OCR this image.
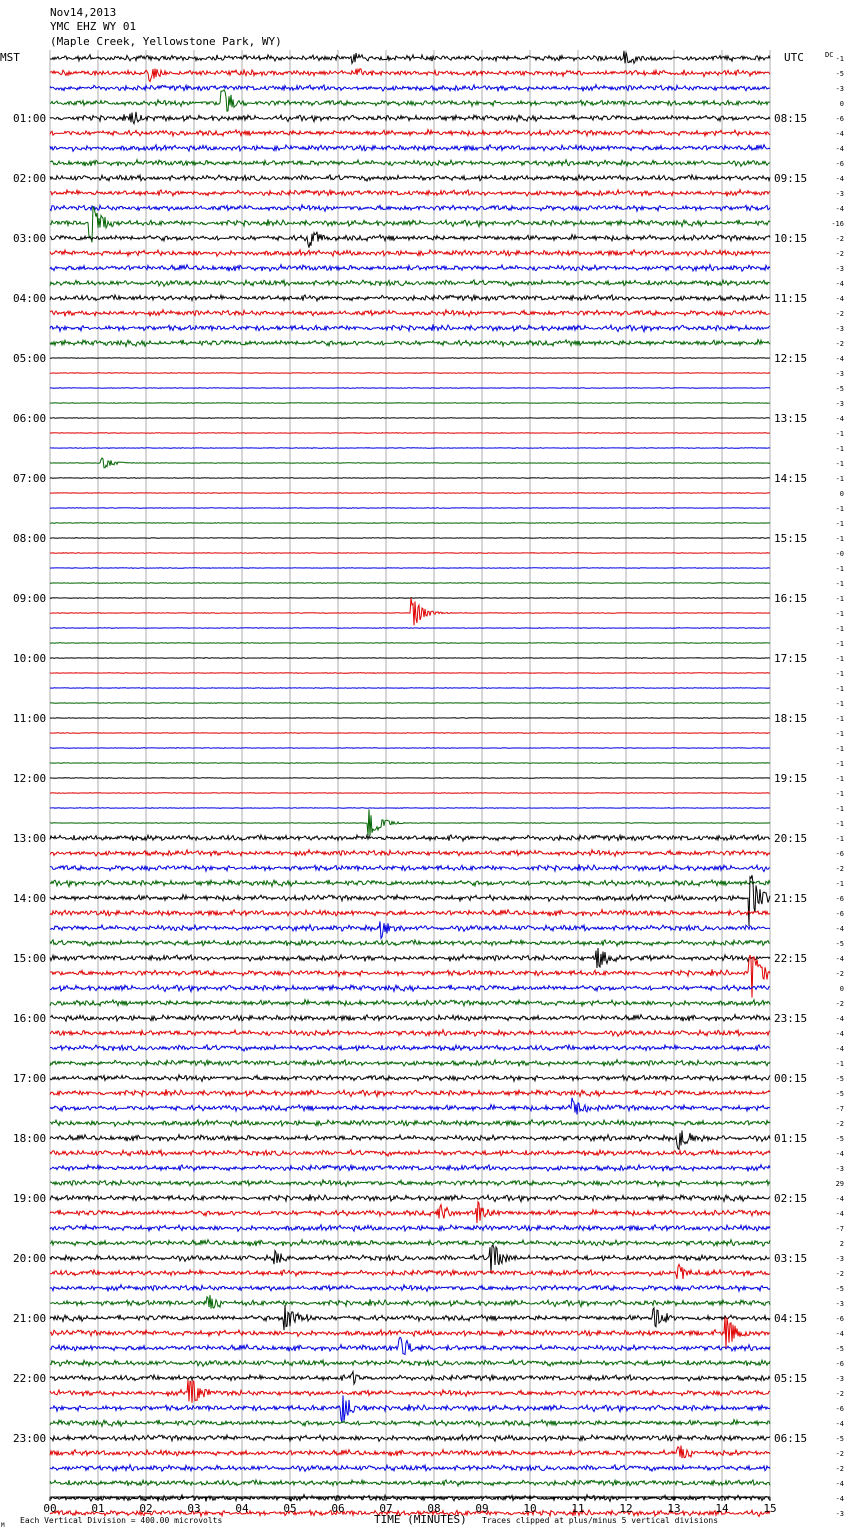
Nov14,2013
YMC EHZ WY 01
(Maple Creek, Yellowstone Park, WY)
MST	UTC	DC
01:00
02:00
03:00
04:00
05:00
06:00
07:00
08:00
09:00
10:00
11:00
12:00
13:00
14:00
15:00
16:00
17:00
18:00
19:00
20:00
21:00
22:00
23:00
08:15
09:15
10:15
11:15
12:15
13:15
14:15
15:15
16:15
17:15
18:15
19:15
20:15
21:15
22:15
23:15
00:15
01:15
02:15
03:15
04:15
05:15
06:15
-1
-5
-3
0
-6
-4
-4
-6
-4
-3
-4
-16
-2
-2
-3
-4
-4
-2
-3
-2
-4
-3
-5
-3
-4
-1
-1
-1
-1
0
-1
-1
-1
-0
-1
-1
-1
-1
-1
-1
-1
-1
-1
-1
-1
-1
-1
-1
-1
-1
-1
-1
-1
-6
-2
-1
-6
-6
-4
-5
-4
-2
0
-2
-4
-4
-4
-1
-5
-5
-7
-2
-5
-4
-3
29
-4
-4
-7
2
-3
-2
-5
-3
-6
-4
-5
-6
-3
-2
-6
-4
-5
-2
-2
-4
-4
-3
00	01	02	03	04	05	06	07	08	09	10	11	12	13	14	15
M
Each Vertical Division = 400.00 microvolts	TIME (MINUTES) Traces clipped at plus/minus 5 vertical divisions
